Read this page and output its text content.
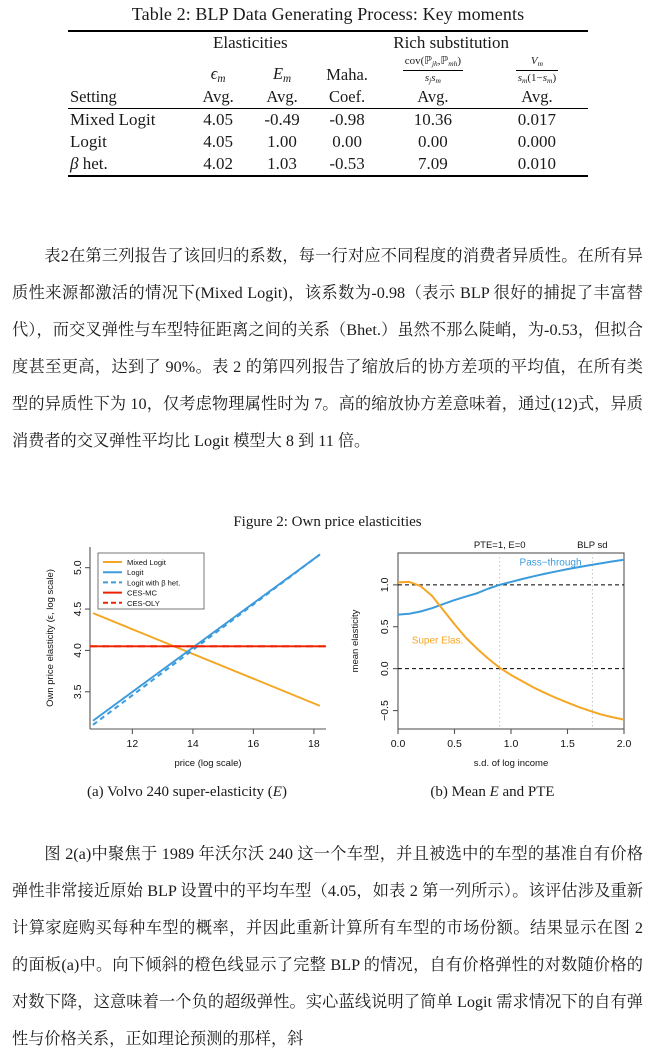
Table 2: BLP Data Generating Process: Key moments
	Elasticities		Rich substitution		
	$\epsilon_m$	$E_m$	Maha.	$\frac{cov(ℙ_{jh},ℙ_{mh})}{s_js_m}$	$\frac{V_m}{s_m(1-s_m)}$

Setting	Avg.	Avg.	Coef.	Avg.	Avg.
Mixed Logit	4.05	-0.49	-0.98	10.36	0.017
Logit	4.05	1.00	0.00	0.00	0.000
β het.	4.02	1.03	-0.53	7.09	0.010
表2在第三列报告了该回归的系数，每一行对应不同程度的消费者异质性。在所有异质性来源都激活的情况下(Mixed Logit)，该系数为-0.98（表示 BLP 很好的捕捉了丰富替代），而交叉弹性与车型特征距离之间的关系（Bhet.）虽然不那么陡峭，为-0.53，但拟合度甚至更高，达到了 90%。表 2 的第四列报告了缩放后的协方差项的平均值，在所有类型的异质性下为 10，仅考虑物理属性时为 7。高的缩放协方差意味着，通过(12)式，异质消费者的交叉弹性平均比 Logit 模型大 8 到 11 倍。
Figure 2: Own price elasticities
3.5
4.0
4.5
5.0
12	14	16	18
price (log scale)
Own price elasticity (ε, log scale)
Mixed Logit
Logit
Logit with β het.
CES-MC
CES-OLY
−0.5
0.0
0.5
1.0
0.0	0.5	1.0	1.5	2.0
s.d. of log income
mean elasticity
PTE=1, E=0	BLP sd
Pass−through
Super Elas.
(a) Volvo 240 super-elasticity (E)	(b) Mean E and PTE
图 2(a)中聚焦于 1989 年沃尔沃 240 这一个车型，并且被选中的车型的基准自有价格弹性非常接近原始 BLP 设置中的平均车型（4.05，如表 2 第一列所示）。该评估涉及重新计算家庭购买每种车型的概率，并因此重新计算所有车型的市场份额。结果显示在图 2 的面板(a)中。向下倾斜的橙色线显示了完整 BLP 的情况，自有价格弹性的对数随价格的对数下降，这意味着一个负的超级弹性。实心蓝线说明了简单 Logit 需求情况下的自有弹性与价格关系，正如理论预测的那样，斜
